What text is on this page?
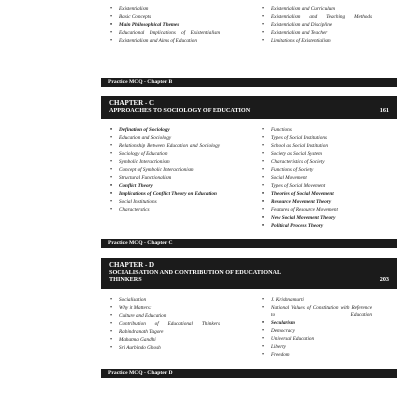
• Existentialism
• Basic Concepts
• Main Philosophical Themes
• Educational Implications of Existentialism
• Existentialism and Aims of Education
• Existentialism and Curriculum
• Existentialism and Teaching Methods
• Existentialism and Discipline
• Existentialism and Teacher
• Limitations of Existentialism
Practice MCQ - Chapter B
CHAPTER - C
APPROACHES TO SOCIOLOGY OF EDUCATION	161
• Defination of Sociology
• Education and Sociology
• Relationship Between Education and Sociology
• Sociology of Education
• Symbolic Interactionism
• Concept of Symbolic Interactionism
• Structural Functionalism
• Conflict Theory
• Implications of Conflict Theory on Education
• Social Institutions
• Characterstics
• Functions
• Types of Social Institutions
• School as Social Institution
• Society as Social System
• Characteristics of Society
• Functions of Society
• Social Movement
• Types of Social Movement
• Theories of Social Movement
• Resource Movement Theory
• Features of Resource Movement
• New Social Movement Theory
• Political Process Theory
Practice MCQ - Chapter C
CHAPTER - D
SOCIALISATION AND CONTRIBUTION OF EDUCATIONAL
THINKERS	203
• Socialisation
• Why it Matters:
• Culture and Education
• Contribution of Educational Thinkers
• Rabindranath Tagore
• Mahatma Gandhi
• Sri Aurbindo Ghosh
• J. Krishnamurti
• National Values of Constitution with Reference to Education
• Secularism
• Democracy
• Universal Education
• Liberty
• Freedom
Practice MCQ - Chapter D
